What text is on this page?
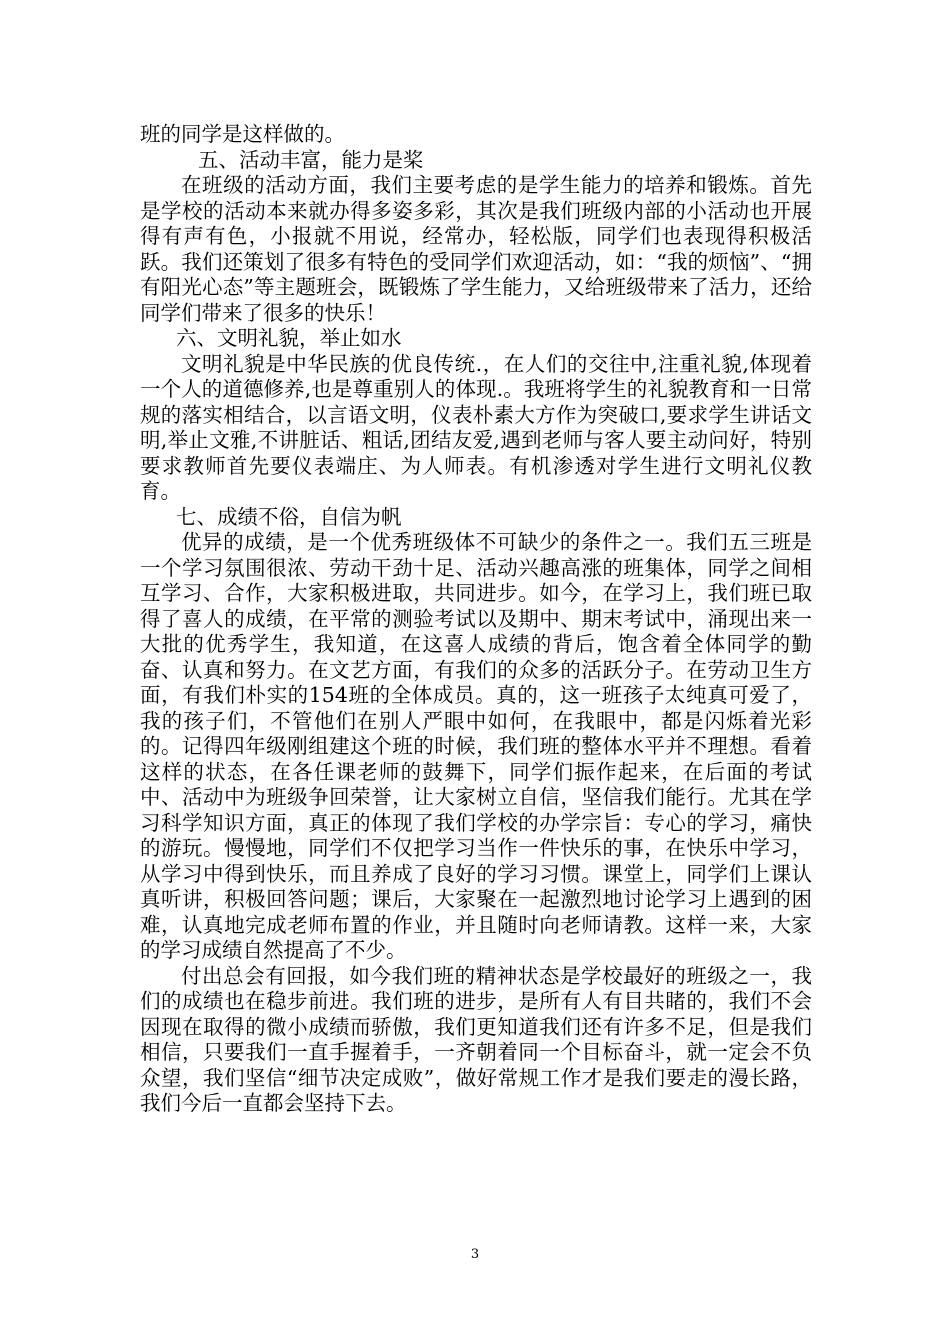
班的同学是这样做的。

五、活动丰富，能力是桨

在班级的活动方面，我们主要考虑的是学生能力的培养和锻炼。首先是学校的活动本来就办得多姿多彩，其次是我们班级内部的小活动也开展得有声有色，小报就不用说，经常办，轻松版，同学们也表现得积极活跃。我们还策划了很多有特色的受同学们欢迎活动，如：“我的烦恼”、“拥有阳光心态”等主题班会，既锻炼了学生能力，又给班级带来了活力，还给同学们带来了很多的快乐！

六、文明礼貌，举止如水

文明礼貌是中华民族的优良传统.，在人们的交往中,注重礼貌,体现着一个人的道德修养,也是尊重别人的体现.。我班将学生的礼貌教育和一日常规的落实相结合，以言语文明，仪表朴素大方作为突破口,要求学生讲话文明,举止文雅,不讲脏话、粗话,团结友爱,遇到老师与客人要主动问好，特别要求教师首先要仪表端庄、为人师表。有机渗透对学生进行文明礼仪教育。

七、成绩不俗，自信为帆

优异的成绩，是一个优秀班级体不可缺少的条件之一。我们五三班是一个学习氛围很浓、劳动干劲十足、活动兴趣高涨的班集体，同学之间相互学习、合作，大家积极进取，共同进步。如今，在学习上，我们班已取得了喜人的成绩，在平常的测验考试以及期中、期末考试中，涌现出来一大批的优秀学生，我知道，在这喜人成绩的背后，饱含着全体同学的勤奋、认真和努力。在文艺方面，有我们的众多的活跃分子。在劳动卫生方面，有我们朴实的154班的全体成员。真的，这一班孩子太纯真可爱了，我的孩子们，不管他们在别人严眼中如何，在我眼中，都是闪烁着光彩的。记得四年级刚组建这个班的时候，我们班的整体水平并不理想。看着这样的状态，在各任课老师的鼓舞下，同学们振作起来，在后面的考试中、活动中为班级争回荣誉，让大家树立自信，坚信我们能行。尤其在学习科学知识方面，真正的体现了我们学校的办学宗旨：专心的学习，痛快的游玩。慢慢地，同学们不仅把学习当作一件快乐的事，在快乐中学习，从学习中得到快乐，而且养成了良好的学习习惯。课堂上，同学们上课认真听讲，积极回答问题；课后，大家聚在一起激烈地讨论学习上遇到的困难，认真地完成老师布置的作业，并且随时向老师请教。这样一来，大家的学习成绩自然提高了不少。

付出总会有回报，如今我们班的精神状态是学校最好的班级之一，我们的成绩也在稳步前进。我们班的进步，是所有人有目共睹的，我们不会因现在取得的微小成绩而骄傲，我们更知道我们还有许多不足，但是我们相信，只要我们一直手握着手，一齐朝着同一个目标奋斗，就一定会不负众望，我们坚信“细节决定成败”，做好常规工作才是我们要走的漫长路，我们今后一直都会坚持下去。

3
